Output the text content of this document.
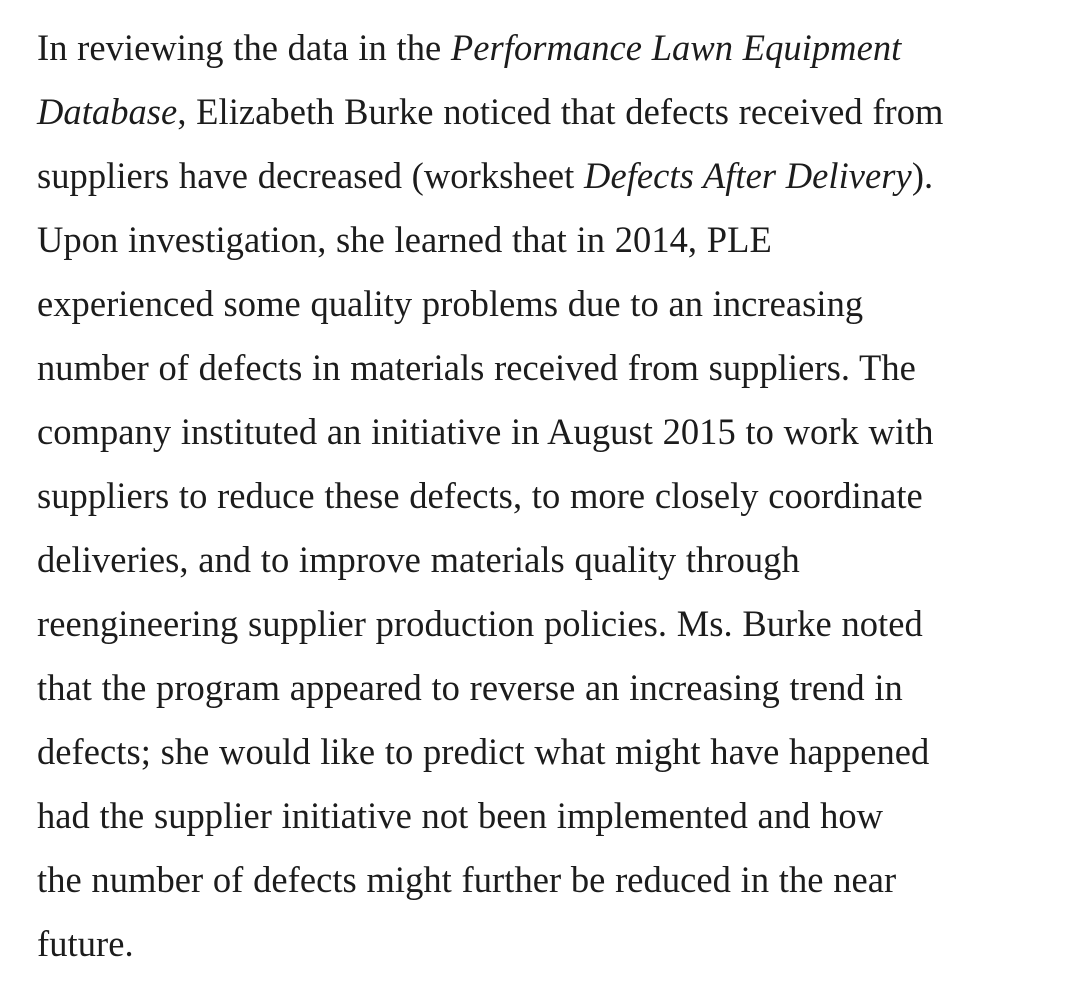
In reviewing the data in the Performance Lawn Equipment
Database, Elizabeth Burke noticed that defects received from
suppliers have decreased (worksheet Defects After Delivery).
Upon investigation, she learned that in 2014, PLE
experienced some quality problems due to an increasing
number of defects in materials received from suppliers. The
company instituted an initiative in August 2015 to work with
suppliers to reduce these defects, to more closely coordinate
deliveries, and to improve materials quality through
reengineering supplier production policies. Ms. Burke noted
that the program appeared to reverse an increasing trend in
defects; she would like to predict what might have happened
had the supplier initiative not been implemented and how
the number of defects might further be reduced in the near
future.
